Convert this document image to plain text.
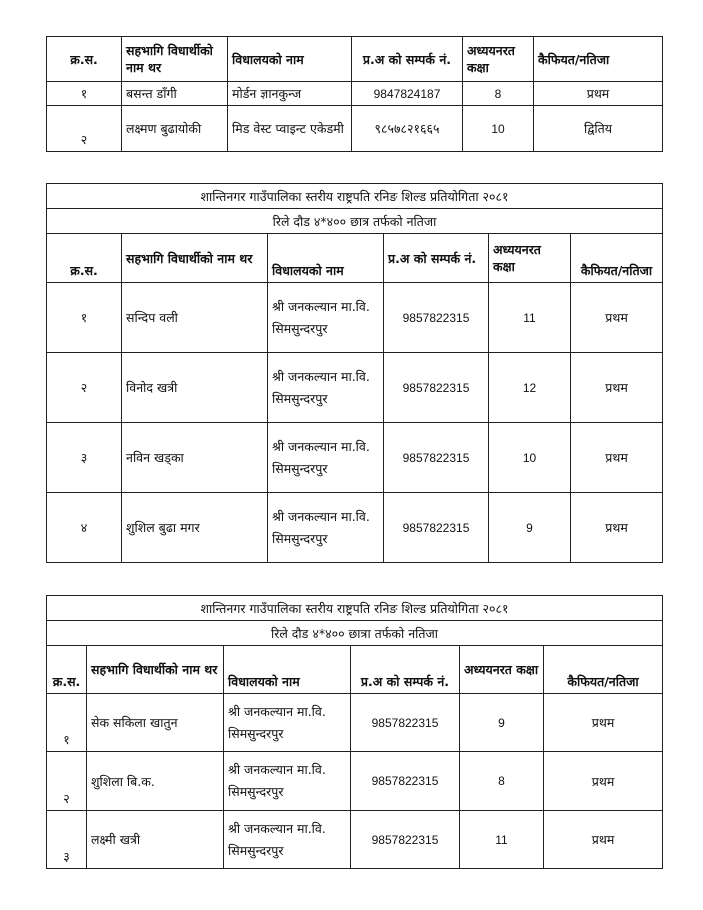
क्र.स.	सहभागि विधार्थीको नाम थर	विधालयको नाम	प्र.अ को सम्पर्क नं.	अध्ययनरत कक्षा	कैफियत/नतिजा
१	बसन्त डाँगी	मोर्डन ज्ञानकुन्ज	9847824187	8	प्रथम
२	लक्ष्मण बुढायोकी	मिड वेस्ट प्वाइन्ट एकेडमी	९८५७८२१६६५	10	द्वितिय
शान्तिनगर गाउँपालिका स्तरीय राष्ट्रपति रनिङ शिल्ड प्रतियोगिता २०८१					
रिले दौड ४*४०० छात्र तर्फको नतिजा					
क्र.स.	सहभागि विधार्थीको नाम थर	विधालयको नाम	प्र.अ को सम्पर्क नं.	अध्ययनरत कक्षा	कैफियत/नतिजा
१	सन्दिप वली	श्री जनकल्यान मा.वि. सिमसुन्दरपुर	9857822315	11	प्रथम
२	विनोद खत्री	श्री जनकल्यान मा.वि. सिमसुन्दरपुर	9857822315	12	प्रथम
३	नविन खड्का	श्री जनकल्यान मा.वि. सिमसुन्दरपुर	9857822315	10	प्रथम
४	शुशिल बुढा मगर	श्री जनकल्यान मा.वि. सिमसुन्दरपुर	9857822315	9	प्रथम
शान्तिनगर गाउँपालिका स्तरीय राष्ट्रपति रनिङ शिल्ड प्रतियोगिता २०८१					
रिले दौड ४*४०० छात्रा तर्फको नतिजा					
क्र.स.	सहभागि विधार्थीको नाम थर	विधालयको नाम	प्र.अ को सम्पर्क नं.	अध्ययनरत कक्षा	कैफियत/नतिजा
१	सेक सकिला खातुन	श्री जनकल्यान मा.वि. सिमसुन्दरपुर	9857822315	9	प्रथम
२	शुशिला बि.क.	श्री जनकल्यान मा.वि. सिमसुन्दरपुर	9857822315	8	प्रथम
३	लक्ष्मी खत्री	श्री जनकल्यान मा.वि. सिमसुन्दरपुर	9857822315	11	प्रथम
